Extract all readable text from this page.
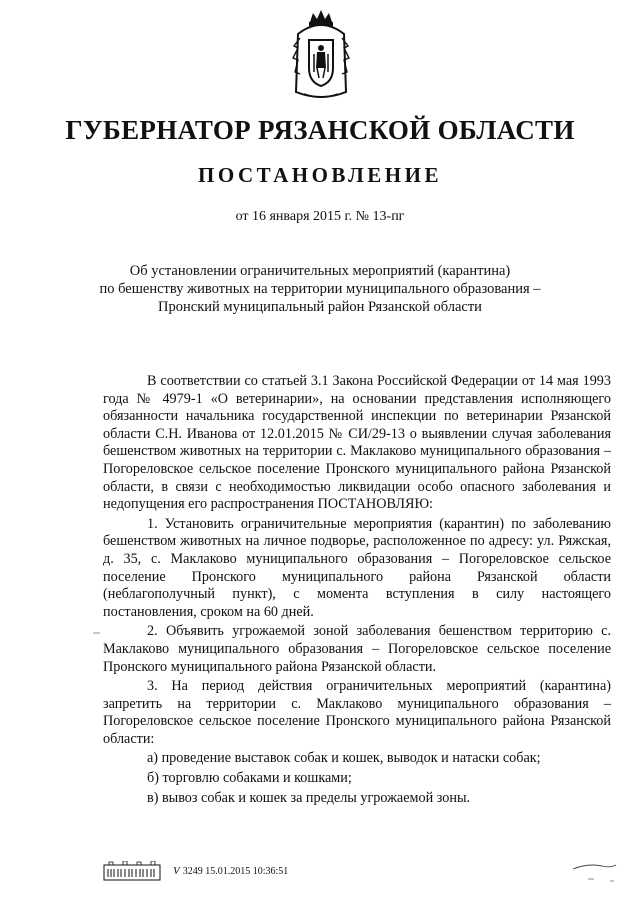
ГУБЕРНАТОР РЯЗАНСКОЙ ОБЛАСТИ
ПОСТАНОВЛЕНИЕ
от 16 января 2015 г. № 13-пг
Об установлении ограничительных мероприятий (карантина)
по бешенству животных на территории муниципального образования –
Пронский муниципальный район Рязанской области

В соответствии со статьей 3.1 Закона Российской Федерации от 14 мая 1993 года № 4979-1 «О ветеринарии», на основании представления исполняющего обязанности начальника государственной инспекции по ветеринарии Рязанской области С.Н. Иванова от 12.01.2015 № СИ/29-13 о выявлении случая заболевания бешенством животных на территории с. Маклаково муниципального образования – Погореловское сельское поселение Пронского муниципального района Рязанской области, в связи с необходимостью ликвидации особо опасного заболевания и недопущения его распространения ПОСТАНОВЛЯЮ:

1. Установить ограничительные мероприятия (карантин) по заболеванию бешенством животных на личное подворье, расположенное по адресу: ул. Ряжская, д. 35, с. Маклаково муниципального образования – Погореловское сельское поселение Пронского муниципального района Рязанской области (неблагополучный пункт), с момента вступления в силу настоящего постановления, сроком на 60 дней.

2. Объявить угрожаемой зоной заболевания бешенством территорию с. Маклаково муниципального образования – Погореловское сельское поселение Пронского муниципального района Рязанской области.

3. На период действия ограничительных мероприятий (карантина) запретить на территории с. Маклаково муниципального образования – Погореловское сельское поселение Пронского муниципального района Рязанской области:

а) проведение выставок собак и кошек, выводок и натаски собак;

б) торговлю собаками и кошками;

в) вывоз собак и кошек за пределы угрожаемой зоны.

V 3249 15.01.2015 10:36:51
